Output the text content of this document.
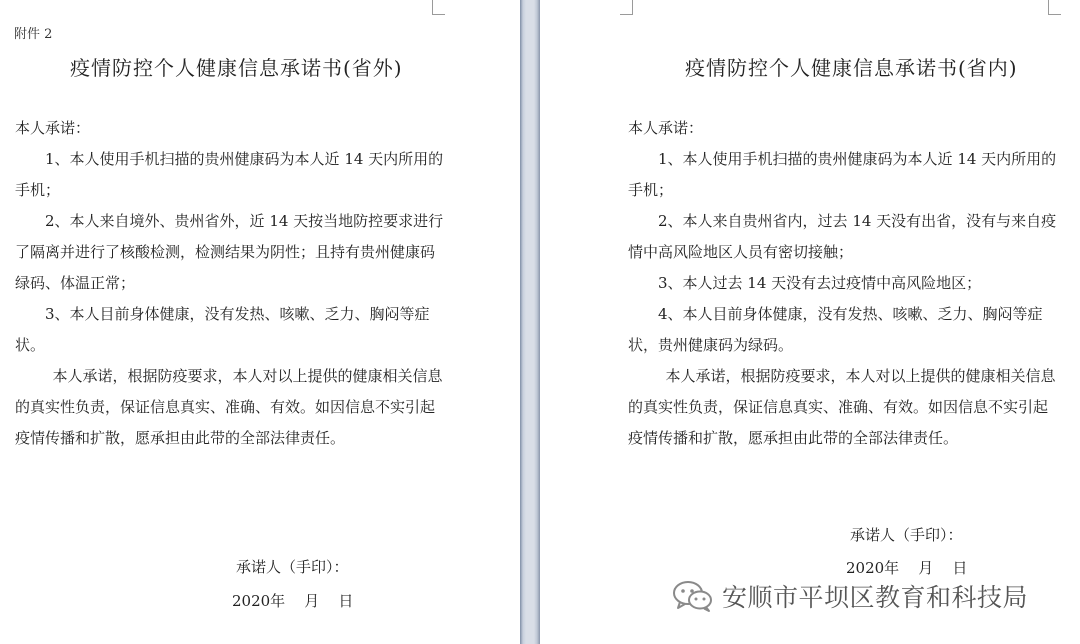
附件 2
疫情防控个人健康信息承诺书(省外)

本人承诺：

1、本人使用手机扫描的贵州健康码为本人近 14 天内所用的手机；

2、本人来自境外、贵州省外，近 14 天按当地防控要求进行了隔离并进行了核酸检测，检测结果为阴性；且持有贵州健康码绿码、体温正常；

3、本人目前身体健康，没有发热、咳嗽、乏力、胸闷等症状。

本人承诺，根据防疫要求，本人对以上提供的健康相关信息的真实性负责，保证信息真实、准确、有效。如因信息不实引起疫情传播和扩散，愿承担由此带的全部法律责任。

承诺人（手印）：
2020年    月    日
疫情防控个人健康信息承诺书(省内)

本人承诺：

1、本人使用手机扫描的贵州健康码为本人近 14 天内所用的手机；

2、本人来自贵州省内，过去 14 天没有出省，没有与来自疫情中高风险地区人员有密切接触；

3、本人过去 14 天没有去过疫情中高风险地区；

4、本人目前身体健康，没有发热、咳嗽、乏力、胸闷等症状，贵州健康码为绿码。

本人承诺，根据防疫要求，本人对以上提供的健康相关信息的真实性负责，保证信息真实、准确、有效。如因信息不实引起疫情传播和扩散，愿承担由此带的全部法律责任。

承诺人（手印）：
2020年    月    日
安顺市平坝区教育和科技局
